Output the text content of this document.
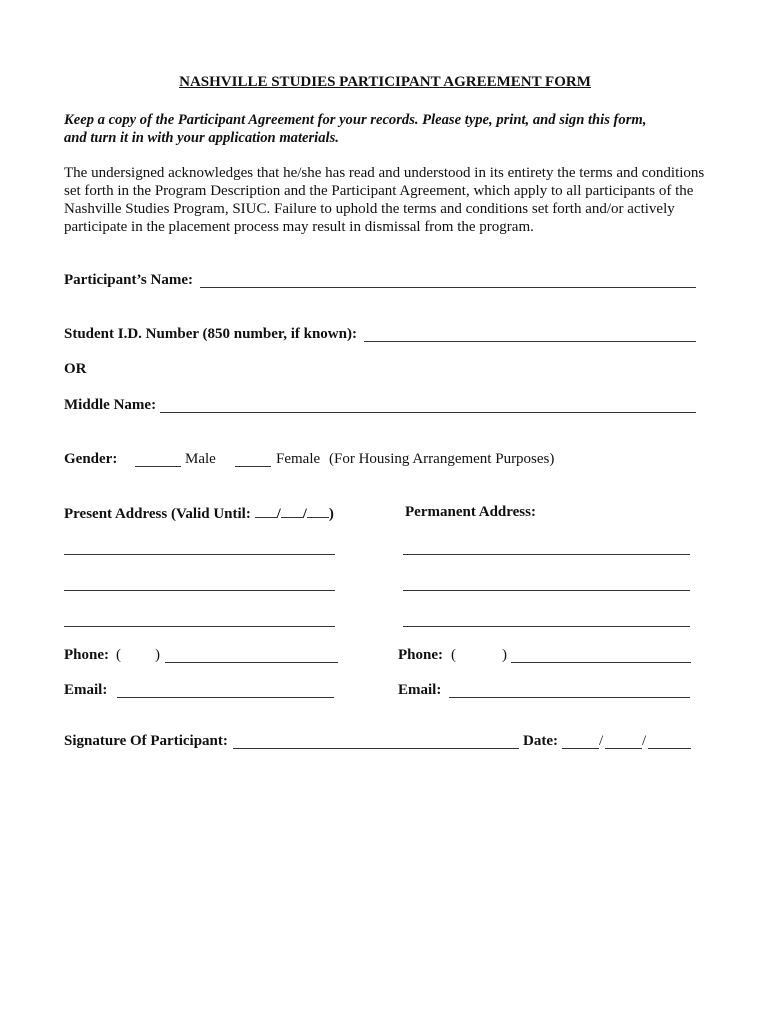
NASHVILLE STUDIES PARTICIPANT AGREEMENT FORM
Keep a copy of the Participant Agreement for your records. Please type, print, and sign this form,
and turn it in with your application materials.
The undersigned acknowledges that he/she has read and understood in its entirety the terms and conditions set forth in the Program Description and the Participant Agreement, which apply to all participants of the Nashville Studies Program, SIUC. Failure to uphold the terms and conditions set forth and/or actively participate in the placement process may result in dismissal from the program.
Participant’s Name:
Student I.D. Number (850 number, if known):
OR
Middle Name:
Gender:	Male	Female (For Housing Arrangement Purposes)
Present Address (Valid Until: / / )	Permanent Address:
Phone: ( )	Phone: (	)
Email:	Email:
Signature Of Participant:	Date:	/	/
